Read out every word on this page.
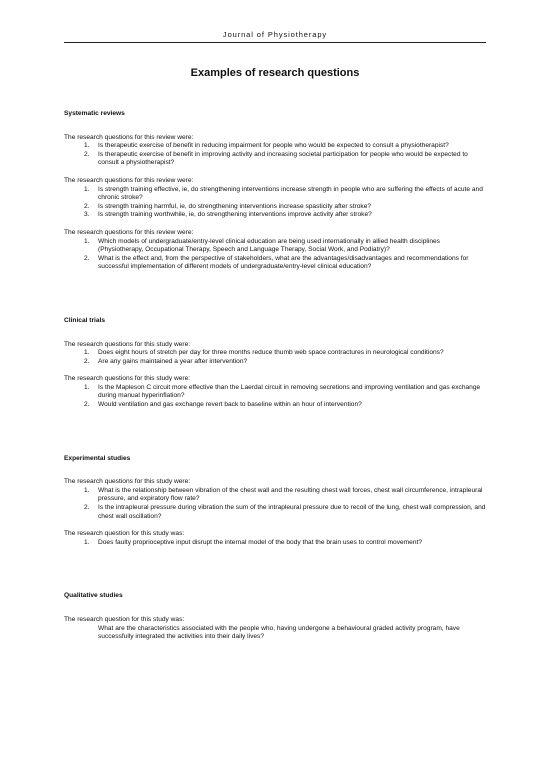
Journal of Physiotherapy
Examples of research questions

Systematic reviews

The research questions for this review were:

1. Is therapeutic exercise of benefit in reducing impairment for people who would be expected to consult a physiotherapist?
2. Is therapeutic exercise of benefit in improving activity and increasing societal participation for people who would be expected to consult a physiotherapist?

The research questions for this review were:

1. Is strength training effective, ie, do strengthening interventions increase strength in people who are suffering the effects of acute and chronic stroke?
2. Is strength training harmful, ie, do strengthening interventions increase spasticity after stroke?
3. Is strength training worthwhile, ie, do strengthening interventions improve activity after stroke?

The research questions for this review were:

1. Which models of undergraduate/entry-level clinical education are being used internationally in allied health disciplines (Physiotherapy, Occupational Therapy, Speech and Language Therapy, Social Work, and Podiatry)?
2. What is the effect and, from the perspective of stakeholders, what are the advantages/disadvantages and recommendations for successful implementation of different models of undergraduate/entry-level clinical education?

Clinical trials

The research questions for this study were:

1. Does eight hours of stretch per day for three months reduce thumb web space contractures in neurological conditions?
2. Are any gains maintained a year after intervention?

The research questions for this study were:

1. Is the Mapleson C circuit more effective than the Laerdal circuit in removing secretions and improving ventilation and gas exchange during manual hyperinflation?
2. Would ventilation and gas exchange revert back to baseline within an hour of intervention?

Experimental studies

The research questions for this study were:

1. What is the relationship between vibration of the chest wall and the resulting chest wall forces, chest wall circumference, intrapleural pressure, and expiratory flow rate?
2. Is the intrapleural pressure during vibration the sum of the intrapleural pressure due to recoil of the lung, chest wall compression, and chest wall oscillation?

The research question for this study was:

1. Does faulty proprioceptive input disrupt the internal model of the body that the brain uses to control movement?

Qualitative studies

The research question for this study was:

What are the characteristics associated with the people who, having undergone a behavioural graded activity program, have successfully integrated the activities into their daily lives?
